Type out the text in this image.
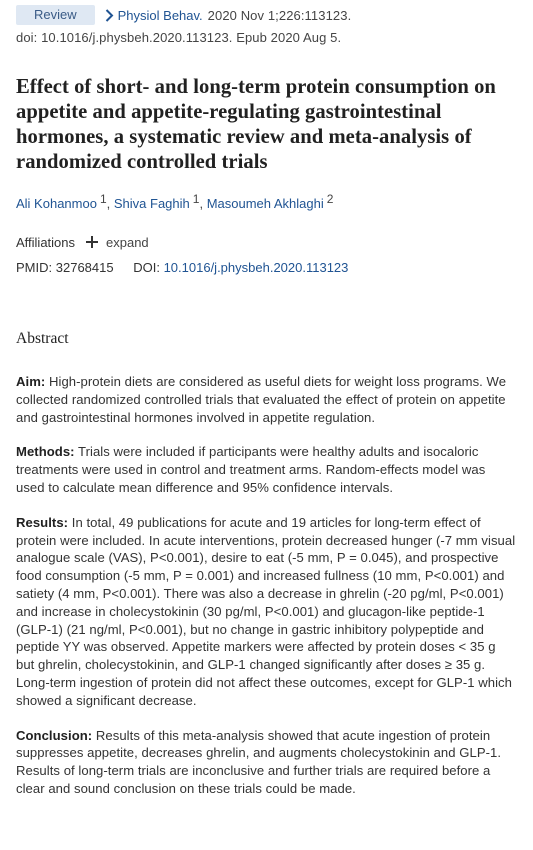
Review	Physiol Behav. 2020 Nov 1;226:113123.
doi: 10.1016/j.physbeh.2020.113123. Epub 2020 Aug 5.
Effect of short- and long-term protein consumption on appetite and appetite-regulating gastrointestinal hormones, a systematic review and meta-analysis of randomized controlled trials
Ali Kohanmoo 1, Shiva Faghih 1, Masoumeh Akhlaghi 2
Affiliations expand
PMID: 32768415 DOI: 10.1016/j.physbeh.2020.113123
Abstract

Aim: High-protein diets are considered as useful diets for weight loss programs. We collected randomized controlled trials that evaluated the effect of protein on appetite and gastrointestinal hormones involved in appetite regulation.

Methods: Trials were included if participants were healthy adults and isocaloric treatments were used in control and treatment arms. Random-effects model was used to calculate mean difference and 95% confidence intervals.

Results: In total, 49 publications for acute and 19 articles for long-term effect of protein were included. In acute interventions, protein decreased hunger (-7 mm visual analogue scale (VAS), P<0.001), desire to eat (-5 mm, P = 0.045), and prospective food consumption (-5 mm, P = 0.001) and increased fullness (10 mm, P<0.001) and satiety (4 mm, P<0.001). There was also a decrease in ghrelin (-20 pg/ml, P<0.001) and increase in cholecystokinin (30 pg/ml, P<0.001) and glucagon-like peptide-1 (GLP-1) (21 ng/ml, P<0.001), but no change in gastric inhibitory polypeptide and peptide YY was observed. Appetite markers were affected by protein doses < 35 g but ghrelin, cholecystokinin, and GLP-1 changed significantly after doses ≥ 35 g. Long-term ingestion of protein did not affect these outcomes, except for GLP-1 which showed a significant decrease.

Conclusion: Results of this meta-analysis showed that acute ingestion of protein suppresses appetite, decreases ghrelin, and augments cholecystokinin and GLP-1. Results of long-term trials are inconclusive and further trials are required before a clear and sound conclusion on these trials could be made.
